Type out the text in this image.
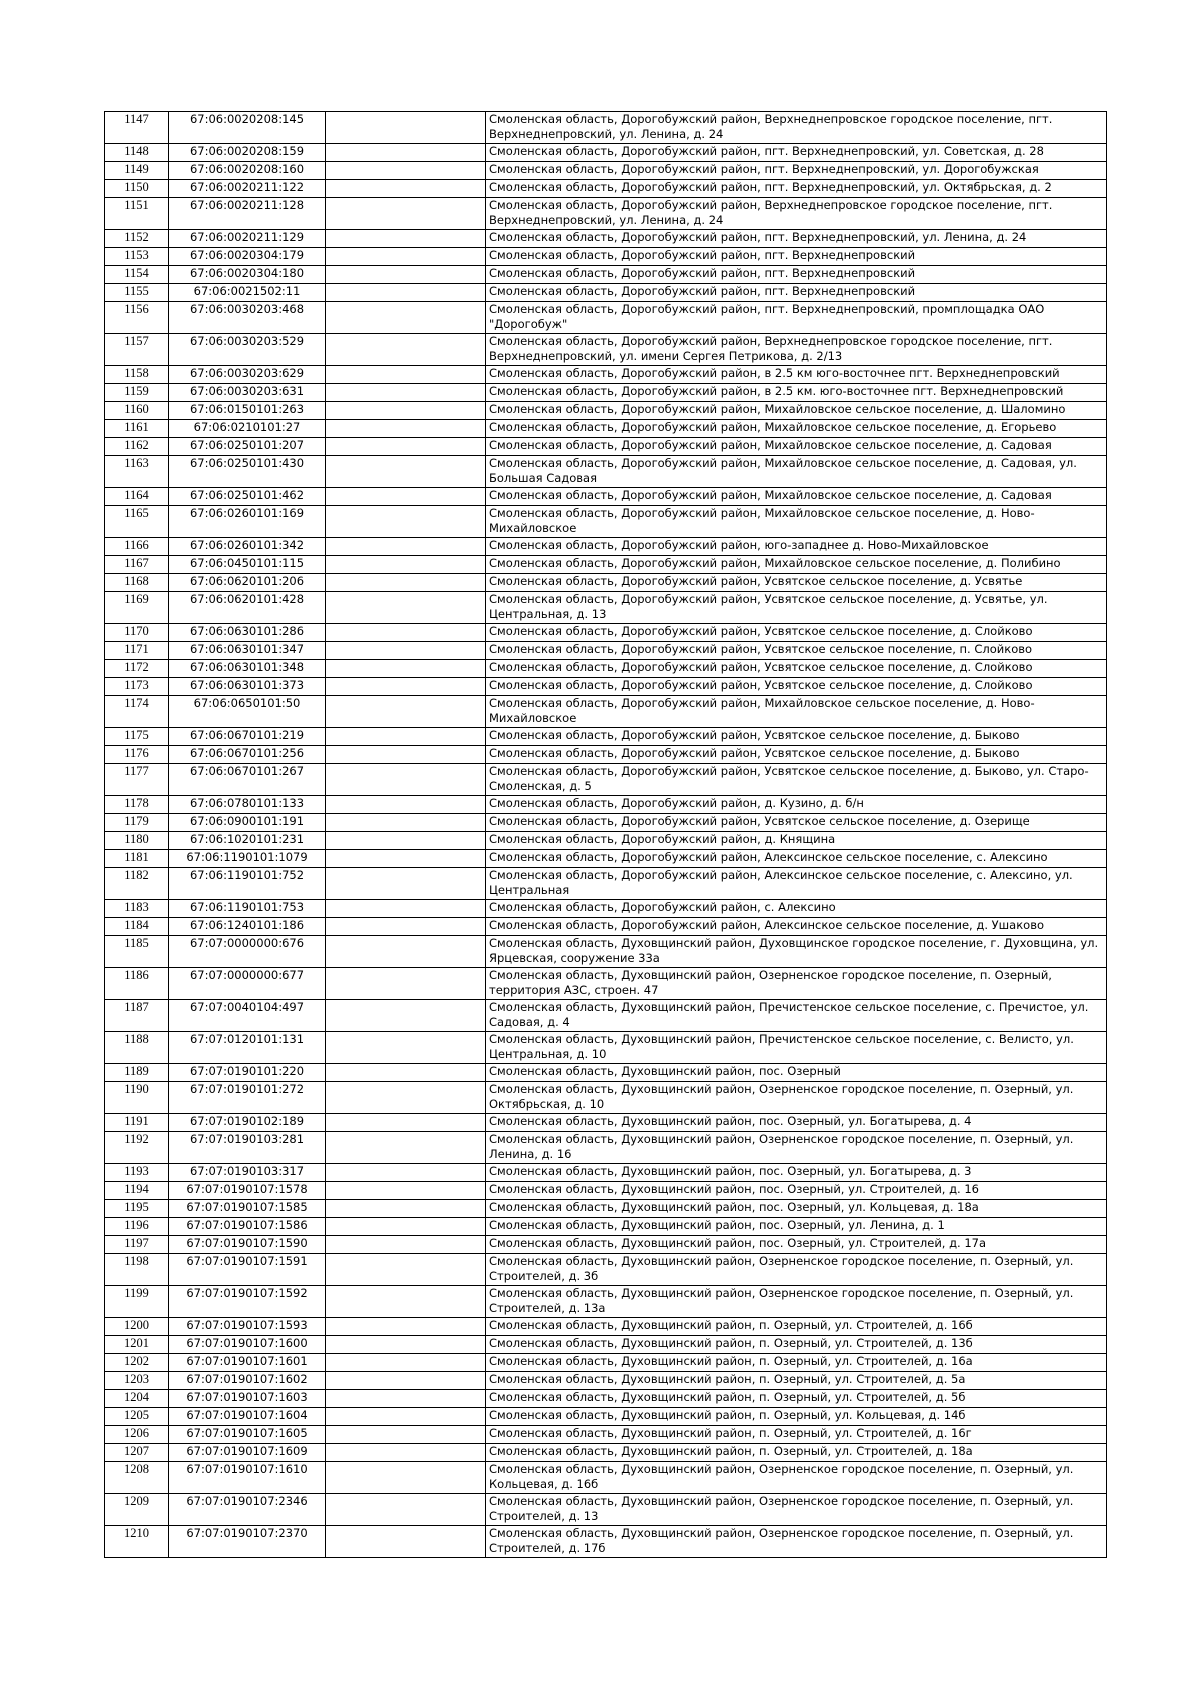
1147	67:06:0020208:145		Смоленская область, Дорогобужский район, Верхнеднепровское городское поселение, пгт. Верхнеднепровский, ул. Ленина, д. 24
1148	67:06:0020208:159		Смоленская область, Дорогобужский район, пгт. Верхнеднепровский, ул. Советская, д. 28
1149	67:06:0020208:160		Смоленская область, Дорогобужский район, пгт. Верхнеднепровский, ул. Дорогобужская
1150	67:06:0020211:122		Смоленская область, Дорогобужский район, пгт. Верхнеднепровский, ул. Октябрьская, д. 2
1151	67:06:0020211:128		Смоленская область, Дорогобужский район, Верхнеднепровское городское поселение, пгт. Верхнеднепровский, ул. Ленина, д. 24
1152	67:06:0020211:129		Смоленская область, Дорогобужский район, пгт. Верхнеднепровский, ул. Ленина, д. 24
1153	67:06:0020304:179		Смоленская область, Дорогобужский район, пгт. Верхнеднепровский
1154	67:06:0020304:180		Смоленская область, Дорогобужский район, пгт. Верхнеднепровский
1155	67:06:0021502:11		Смоленская область, Дорогобужский район, пгт. Верхнеднепровский
1156	67:06:0030203:468		Смоленская область, Дорогобужский район, пгт. Верхнеднепровский, промплощадка ОАО "Дорогобуж"
1157	67:06:0030203:529		Смоленская область, Дорогобужский район, Верхнеднепровское городское поселение, пгт. Верхнеднепровский, ул. имени Сергея Петрикова, д. 2/13
1158	67:06:0030203:629		Смоленская область, Дорогобужский район, в 2.5 км юго-восточнее пгт. Верхнеднепровский
1159	67:06:0030203:631		Смоленская область, Дорогобужский район, в 2.5 км. юго-восточнее пгт. Верхнеднепровский
1160	67:06:0150101:263		Смоленская область, Дорогобужский район, Михайловское сельское поселение, д. Шаломино
1161	67:06:0210101:27		Смоленская область, Дорогобужский район, Михайловское сельское поселение, д. Егорьево
1162	67:06:0250101:207		Смоленская область, Дорогобужский район, Михайловское сельское поселение, д. Садовая
1163	67:06:0250101:430		Смоленская область, Дорогобужский район, Михайловское сельское поселение, д. Садовая, ул. Большая Садовая
1164	67:06:0250101:462		Смоленская область, Дорогобужский район, Михайловское сельское поселение, д. Садовая
1165	67:06:0260101:169		Смоленская область, Дорогобужский район, Михайловское сельское поселение, д. Ново-Михайловское
1166	67:06:0260101:342		Смоленская область, Дорогобужский район, юго-западнее д. Ново-Михайловское
1167	67:06:0450101:115		Смоленская область, Дорогобужский район, Михайловское сельское поселение, д. Полибино
1168	67:06:0620101:206		Смоленская область, Дорогобужский район, Усвятское сельское поселение, д. Усвятье
1169	67:06:0620101:428		Смоленская область, Дорогобужский район, Усвятское сельское поселение, д. Усвятье, ул. Центральная, д. 13
1170	67:06:0630101:286		Смоленская область, Дорогобужский район, Усвятское сельское поселение, д. Слойково
1171	67:06:0630101:347		Смоленская область, Дорогобужский район, Усвятское сельское поселение, п. Слойково
1172	67:06:0630101:348		Смоленская область, Дорогобужский район, Усвятское сельское поселение, д. Слойково
1173	67:06:0630101:373		Смоленская область, Дорогобужский район, Усвятское сельское поселение, д. Слойково
1174	67:06:0650101:50		Смоленская область, Дорогобужский район, Михайловское сельское поселение, д. Ново-Михайловское
1175	67:06:0670101:219		Смоленская область, Дорогобужский район, Усвятское сельское поселение, д. Быково
1176	67:06:0670101:256		Смоленская область, Дорогобужский район, Усвятское сельское поселение, д. Быково
1177	67:06:0670101:267		Смоленская область, Дорогобужский район, Усвятское сельское поселение, д. Быково, ул. Старо-Смоленская, д. 5
1178	67:06:0780101:133		Смоленская область, Дорогобужский район, д. Кузино, д. б/н
1179	67:06:0900101:191		Смоленская область, Дорогобужский район, Усвятское сельское поселение, д. Озерище
1180	67:06:1020101:231		Смоленская область, Дорогобужский район, д. Княщина
1181	67:06:1190101:1079		Смоленская область, Дорогобужский район, Алексинское сельское поселение, с. Алексино
1182	67:06:1190101:752		Смоленская область, Дорогобужский район, Алексинское сельское поселение, с. Алексино, ул. Центральная
1183	67:06:1190101:753		Смоленская область, Дорогобужский район, с. Алексино
1184	67:06:1240101:186		Смоленская область, Дорогобужский район, Алексинское сельское поселение, д. Ушаково
1185	67:07:0000000:676		Смоленская область, Духовщинский район, Духовщинское городское поселение, г. Духовщина, ул. Ярцевская, сооружение 33а
1186	67:07:0000000:677		Смоленская область, Духовщинский район, Озерненское городское поселение, п. Озерный, территория АЗС, строен. 47
1187	67:07:0040104:497		Смоленская область, Духовщинский район, Пречистенское сельское поселение, с. Пречистое, ул. Садовая, д. 4
1188	67:07:0120101:131		Смоленская область, Духовщинский район, Пречистенское сельское поселение, с. Велисто, ул. Центральная, д. 10
1189	67:07:0190101:220		Смоленская область, Духовщинский район, пос. Озерный
1190	67:07:0190101:272		Смоленская область, Духовщинский район, Озерненское городское поселение, п. Озерный, ул. Октябрьская, д. 10
1191	67:07:0190102:189		Смоленская область, Духовщинский район, пос. Озерный, ул. Богатырева, д. 4
1192	67:07:0190103:281		Смоленская область, Духовщинский район, Озерненское городское поселение, п. Озерный, ул. Ленина, д. 16
1193	67:07:0190103:317		Смоленская область, Духовщинский район, пос. Озерный, ул. Богатырева, д. 3
1194	67:07:0190107:1578		Смоленская область, Духовщинский район, пос. Озерный, ул. Строителей, д. 16
1195	67:07:0190107:1585		Смоленская область, Духовщинский район, пос. Озерный, ул. Кольцевая, д. 18а
1196	67:07:0190107:1586		Смоленская область, Духовщинский район, пос. Озерный, ул. Ленина, д. 1
1197	67:07:0190107:1590		Смоленская область, Духовщинский район, пос. Озерный, ул. Строителей, д. 17а
1198	67:07:0190107:1591		Смоленская область, Духовщинский район, Озерненское городское поселение, п. Озерный, ул. Строителей, д. 3б
1199	67:07:0190107:1592		Смоленская область, Духовщинский район, Озерненское городское поселение, п. Озерный, ул. Строителей, д. 13а
1200	67:07:0190107:1593		Смоленская область, Духовщинский район, п. Озерный, ул. Строителей, д. 16б
1201	67:07:0190107:1600		Смоленская область, Духовщинский район, п. Озерный, ул. Строителей, д. 13б
1202	67:07:0190107:1601		Смоленская область, Духовщинский район, п. Озерный, ул. Строителей, д. 16а
1203	67:07:0190107:1602		Смоленская область, Духовщинский район, п. Озерный, ул. Строителей, д. 5а
1204	67:07:0190107:1603		Смоленская область, Духовщинский район, п. Озерный, ул. Строителей, д. 5б
1205	67:07:0190107:1604		Смоленская область, Духовщинский район, п. Озерный, ул. Кольцевая, д. 14б
1206	67:07:0190107:1605		Смоленская область, Духовщинский район, п. Озерный, ул. Строителей, д. 16г
1207	67:07:0190107:1609		Смоленская область, Духовщинский район, п. Озерный, ул. Строителей, д. 18а
1208	67:07:0190107:1610		Смоленская область, Духовщинский район, Озерненское городское поселение, п. Озерный, ул. Кольцевая, д. 16б
1209	67:07:0190107:2346		Смоленская область, Духовщинский район, Озерненское городское поселение, п. Озерный, ул. Строителей, д. 13
1210	67:07:0190107:2370		Смоленская область, Духовщинский район, Озерненское городское поселение, п. Озерный, ул. Строителей, д. 17б
